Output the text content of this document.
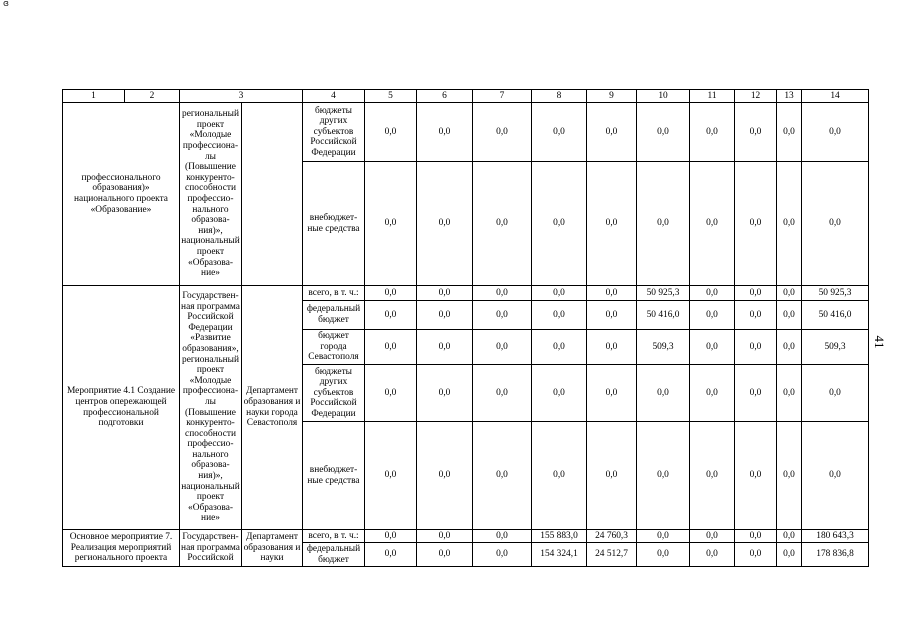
ɞ
41
1	2	3		4	5	6	7	8	9	10	11	12	13	14
профессионального образования)» национального проекта «Образование»		региональный проект «Молодые профессиона-лы (Повышение конкуренто-способности профессио-нального образова-ния)», национальный проект «Образова-ние»		бюджеты других субъектов Российской Федерации	0,0	0,0	0,0	0,0	0,0	0,0	0,0	0,0	0,0	0,0
				внебюджет-ные средства	0,0	0,0	0,0	0,0	0,0	0,0	0,0	0,0	0,0	0,0
Мероприятие 4.1 Создание центров опережающей профессиональной подготовки		Государствен-ная программа Российской Федерации «Развитие образования», региональный проект «Молодые профессиона-лы (Повышение конкуренто-способности профессио-нального образова-ния)», национальный проект «Образова-ние»	Департамент образования и науки города Севастополя	всего, в т. ч.:	0,0	0,0	0,0	0,0	0,0	50 925,3	0,0	0,0	0,0	50 925,3
				федеральный бюджет	0,0	0,0	0,0	0,0	0,0	50 416,0	0,0	0,0	0,0	50 416,0
				бюджет города Севастополя	0,0	0,0	0,0	0,0	0,0	509,3	0,0	0,0	0,0	509,3
				бюджеты других субъектов Российской Федерации	0,0	0,0	0,0	0,0	0,0	0,0	0,0	0,0	0,0	0,0
				внебюджет-ные средства	0,0	0,0	0,0	0,0	0,0	0,0	0,0	0,0	0,0	0,0
Основное мероприятие 7. Реализация мероприятий регионального проекта		Государствен-ная программа Российской	Департамент образования и науки	всего, в т. ч.:	0,0	0,0	0,0	155 883,0	24 760,3	0,0	0,0	0,0	0,0	180 643,3
				федеральный бюджет	0,0	0,0	0,0	154 324,1	24 512,7	0,0	0,0	0,0	0,0	178 836,8
